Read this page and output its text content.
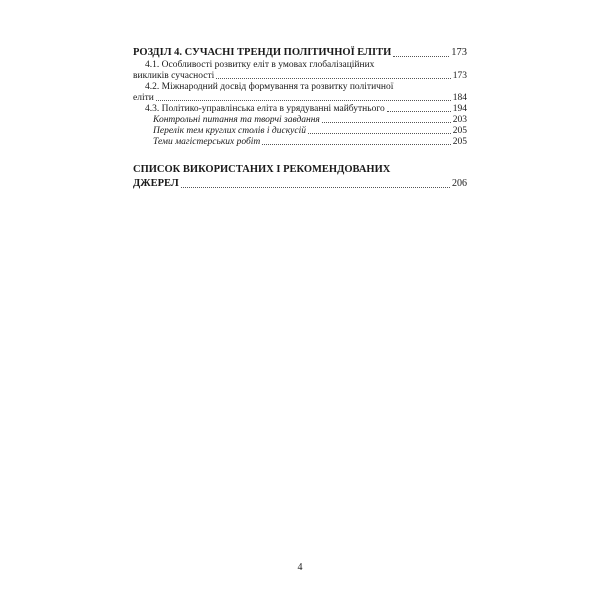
РОЗДІЛ 4. СУЧАСНІ ТРЕНДИ ПОЛІТИЧНОЇ ЕЛІТИ	173
4.1. Особливості розвитку еліт в умовах глобалізаційних
викликів сучасності	173
4.2. Міжнародний досвід формування та розвитку політичної
еліти	184
4.3. Політико-управлінська еліта в урядуванні майбутнього	194
Контрольні питання та творчі завдання	203
Перелік тем круглих столів і дискусій	205
Теми магістерських робіт	205
СПИСОК ВИКОРИСТАНИХ І РЕКОМЕНДОВАНИХ
ДЖЕРЕЛ	206
4
